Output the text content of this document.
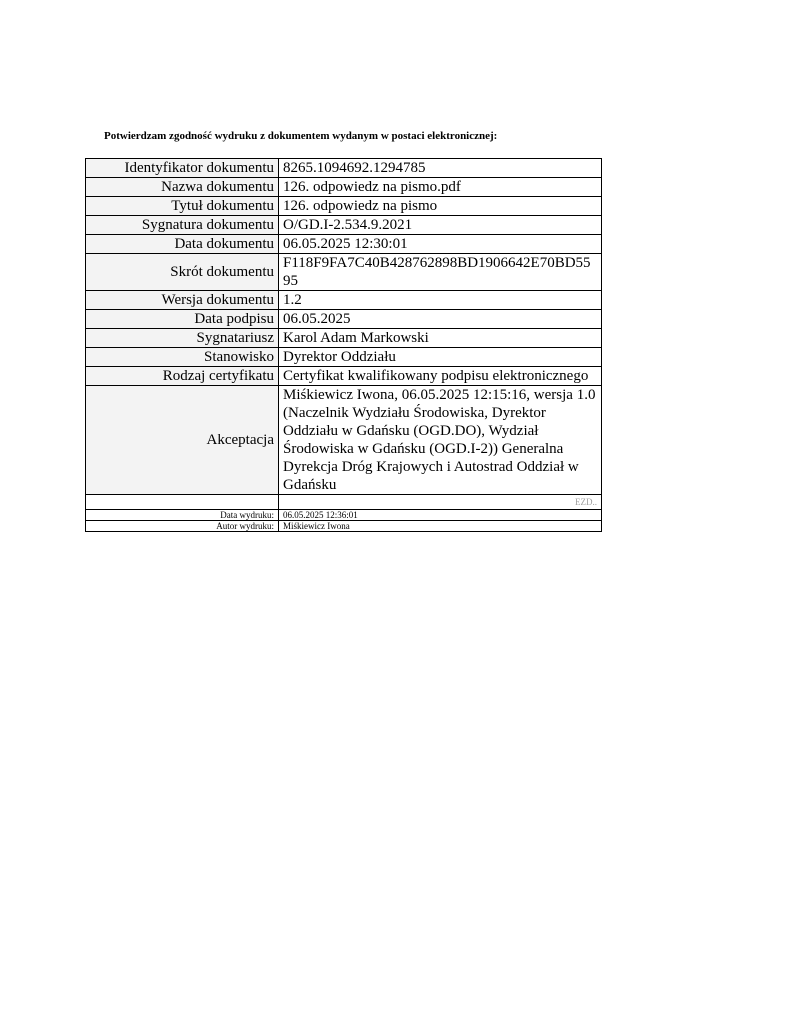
Potwierdzam zgodność wydruku z dokumentem wydanym w postaci elektronicznej:
Identyfikator dokumentu	8265.1094692.1294785
Nazwa dokumentu	126. odpowiedz na pismo.pdf
Tytuł dokumentu	126. odpowiedz na pismo
Sygnatura dokumentu	O/GD.I-2.534.9.2021
Data dokumentu	06.05.2025 12:30:01
Skrót dokumentu	F118F9FA7C40B428762898BD1906642E70BD5595
Wersja dokumentu	1.2
Data podpisu	06.05.2025
Sygnatariusz	Karol Adam Markowski
Stanowisko	Dyrektor Oddziału
Rodzaj certyfikatu	Certyfikat kwalifikowany podpisu elektronicznego
Akceptacja	Miśkiewicz Iwona, 06.05.2025 12:15:16, wersja 1.0 (Naczelnik Wydziału Środowiska, Dyrektor Oddziału w Gdańsku (OGD.DO), Wydział Środowiska w Gdańsku (OGD.I-2)) Generalna Dyrekcja Dróg Krajowych i Autostrad Oddział w Gdańsku
	EZD..
Data wydruku:	06.05.2025 12:36:01
Autor wydruku:	Miśkiewicz Iwona
